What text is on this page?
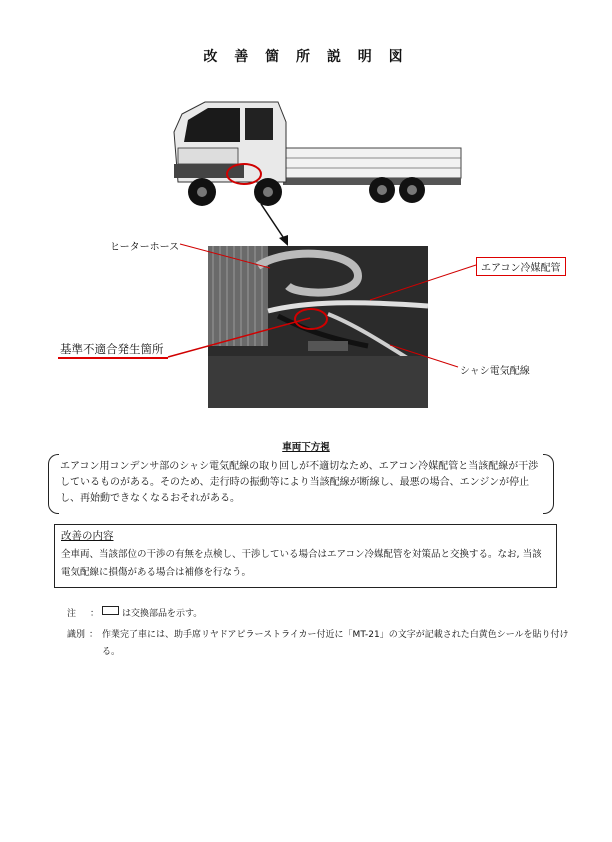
改 善 箇 所 説 明 図
ヒーターホース
エアコン冷媒配管
シャシ電気配線
基準不適合発生箇所
車両下方視
エアコン用コンデンサ部のシャシ電気配線の取り回しが不適切なため、エアコン冷媒配管と当該配線が干渉しているものがある。そのため、走行時の振動等により当該配線が断線し、最悪の場合、エンジンが停止し、再始動できなくなるおそれがある。
改善の内容
全車両、当該部位の干渉の有無を点検し、干渉している場合はエアコン冷媒配管を対策品と交換する。なお, 当該電気配線に損傷がある場合は補修を行なう。
注 ：	は交換部品を示す。
識別 ： 作業完了車には、助手席リヤドアピラーストライカー付近に「MT-21」の文字が記載された白黄色シールを貼り付ける。
